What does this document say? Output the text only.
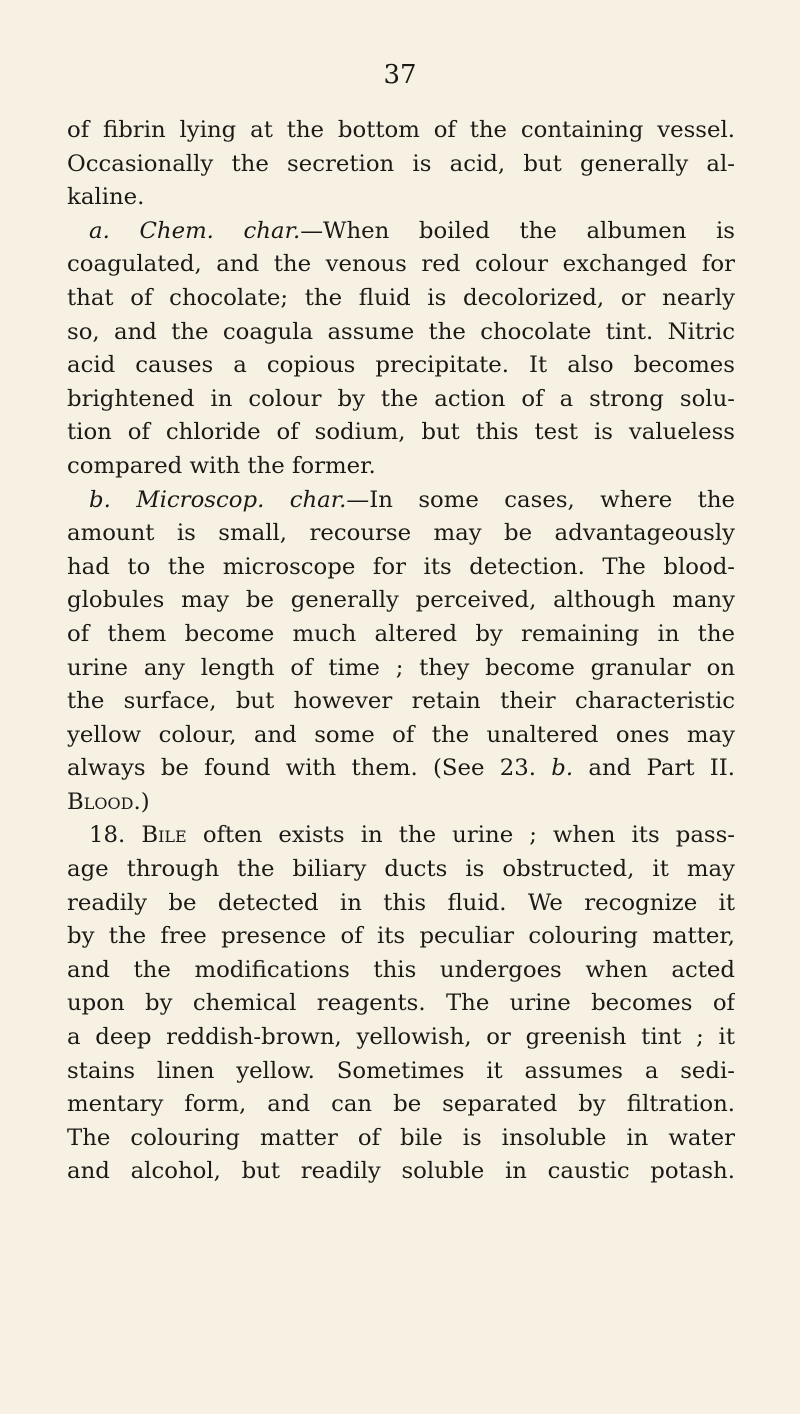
37
of fibrin lying at the bottom of the containing vessel.
Occasionally the secretion is acid, but generally al-
kaline.
a. Chem. char.—When boiled the albumen is
coagulated, and the venous red colour exchanged for
that of chocolate; the fluid is decolorized, or nearly
so, and the coagula assume the chocolate tint. Nitric
acid causes a copious precipitate. It also becomes
brightened in colour by the action of a strong solu-
tion of chloride of sodium, but this test is valueless
compared with the former.
b. Microscop. char.—In some cases, where the
amount is small, recourse may be advantageously
had to the microscope for its detection. The blood-
globules may be generally perceived, although many
of them become much altered by remaining in the
urine any length of time ; they become granular on
the surface, but however retain their characteristic
yellow colour, and some of the unaltered ones may
always be found with them. (See 23. b. and Part II.
Blood.)
18. Bile often exists in the urine ; when its pass-
age through the biliary ducts is obstructed, it may
readily be detected in this fluid. We recognize it
by the free presence of its peculiar colouring matter,
and the modifications this undergoes when acted
upon by chemical reagents. The urine becomes of
a deep reddish-brown, yellowish, or greenish tint ; it
stains linen yellow. Sometimes it assumes a sedi-
mentary form, and can be separated by filtration.
The colouring matter of bile is insoluble in water
and alcohol, but readily soluble in caustic potash.
